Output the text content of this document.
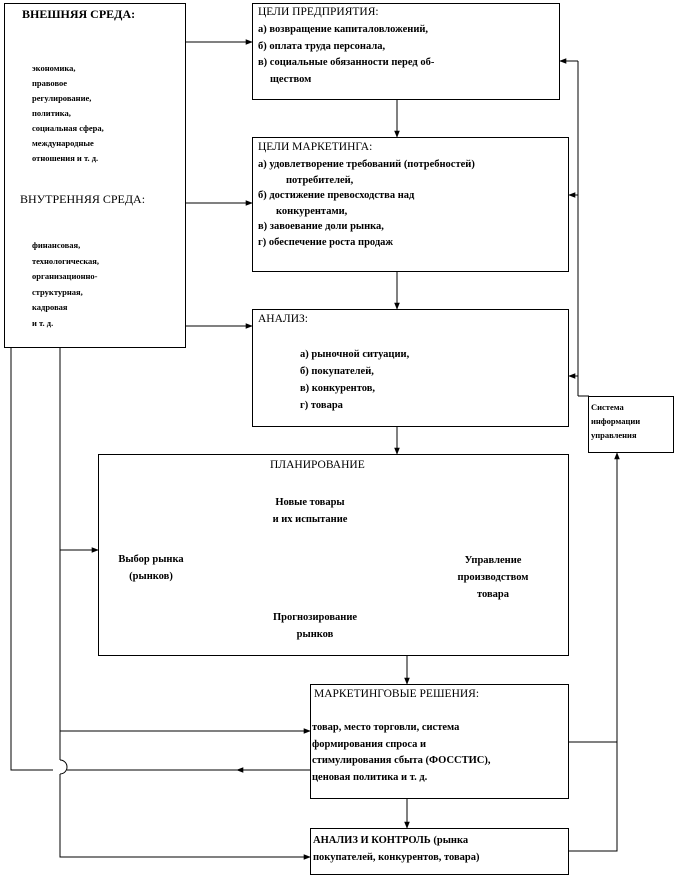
ВНЕШНЯЯ СРЕДА:
экономика,
правовое
регулирование,
политика,
социальная сфера,
международные
отношения и т. д.
ВНУТРЕННЯЯ СРЕДА:
финансовая,
технологическая,
организационно-
структурная,
кадровая
и т. д.
ЦЕЛИ ПРЕДПРИЯТИЯ:
а) возвращение капиталовложений,
б) оплата труда персонала,
в) социальные обязанности перед об-
ществом
ЦЕЛИ МАРКЕТИНГА:
а) удовлетворение требований (потребностей)
потребителей,
б) достижение превосходства над
конкурентами,
в) завоевание доли рынка,
г) обеспечение роста продаж
АНАЛИЗ:
а) рыночной ситуации,
б) покупателей,
в) конкурентов,
г) товара	Система
информации
управления
ПЛАНИРОВАНИЕ
Новые товары
и их испытание
Выбор рынка
(рынков)
Управление
производством
товара
Прогнозирование
рынков
МАРКЕТИНГОВЫЕ РЕШЕНИЯ:
товар, место торговли, система
формирования спроса и
стимулирования сбыта (ФОССТИС),
ценовая политика и т. д.
АНАЛИЗ И КОНТРОЛЬ (рынка
покупателей, конкурентов, товара)
